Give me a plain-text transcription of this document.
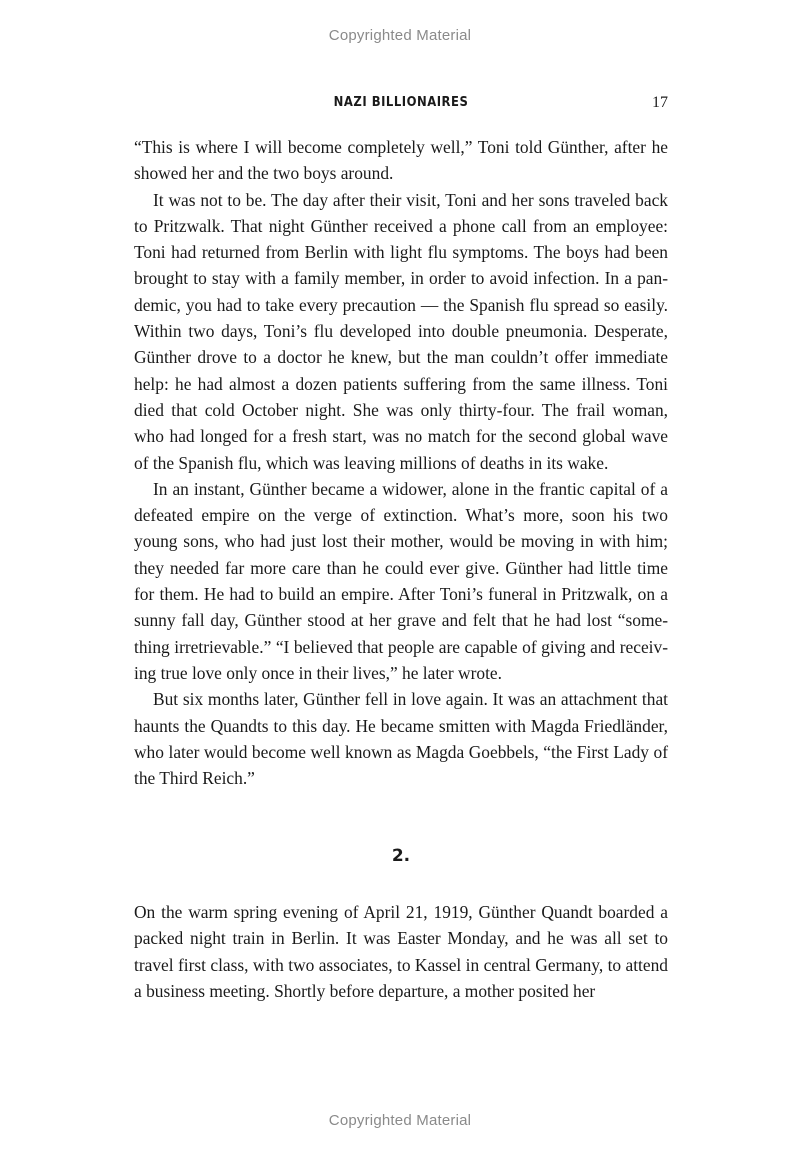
Copyrighted Material
NAZI BILLIONAIRES	17

“This is where I will become completely well,” Toni told Günther, after he showed her and the two boys around.

It was not to be. The day after their visit, Toni and her sons traveled back to Pritzwalk. That night Günther received a phone call from an employee: Toni had returned from Berlin with light flu symptoms. The boys had been brought to stay with a family member, in order to avoid infection. In a pandemic, you had to take every precaution — the Spanish flu spread so easily. Within two days, Toni’s flu developed into double pneumonia. Desperate, Günther drove to a doctor he knew, but the man couldn’t offer immediate help: he had almost a dozen patients suffering from the same illness. Toni died that cold October night. She was only thirty-four. The frail woman, who had longed for a fresh start, was no match for the second global wave of the Spanish flu, which was leaving millions of deaths in its wake.

In an instant, Günther became a widower, alone in the frantic capital of a defeated empire on the verge of extinction. What’s more, soon his two young sons, who had just lost their mother, would be moving in with him; they needed far more care than he could ever give. Günther had little time for them. He had to build an empire. After Toni’s funeral in Pritzwalk, on a sunny fall day, Günther stood at her grave and felt that he had lost “something irretrievable.” “I believed that people are capable of giving and receiving true love only once in their lives,” he later wrote.

But six months later, Günther fell in love again. It was an attachment that haunts the Quandts to this day. He became smitten with Magda Friedländer, who later would become well known as Magda Goebbels, “the First Lady of the Third Reich.”

2.

On the warm spring evening of April 21, 1919, Günther Quandt boarded a packed night train in Berlin. It was Easter Monday, and he was all set to travel first class, with two associates, to Kassel in central Germany, to attend a business meeting. Shortly before departure, a mother posited her

Copyrighted Material
